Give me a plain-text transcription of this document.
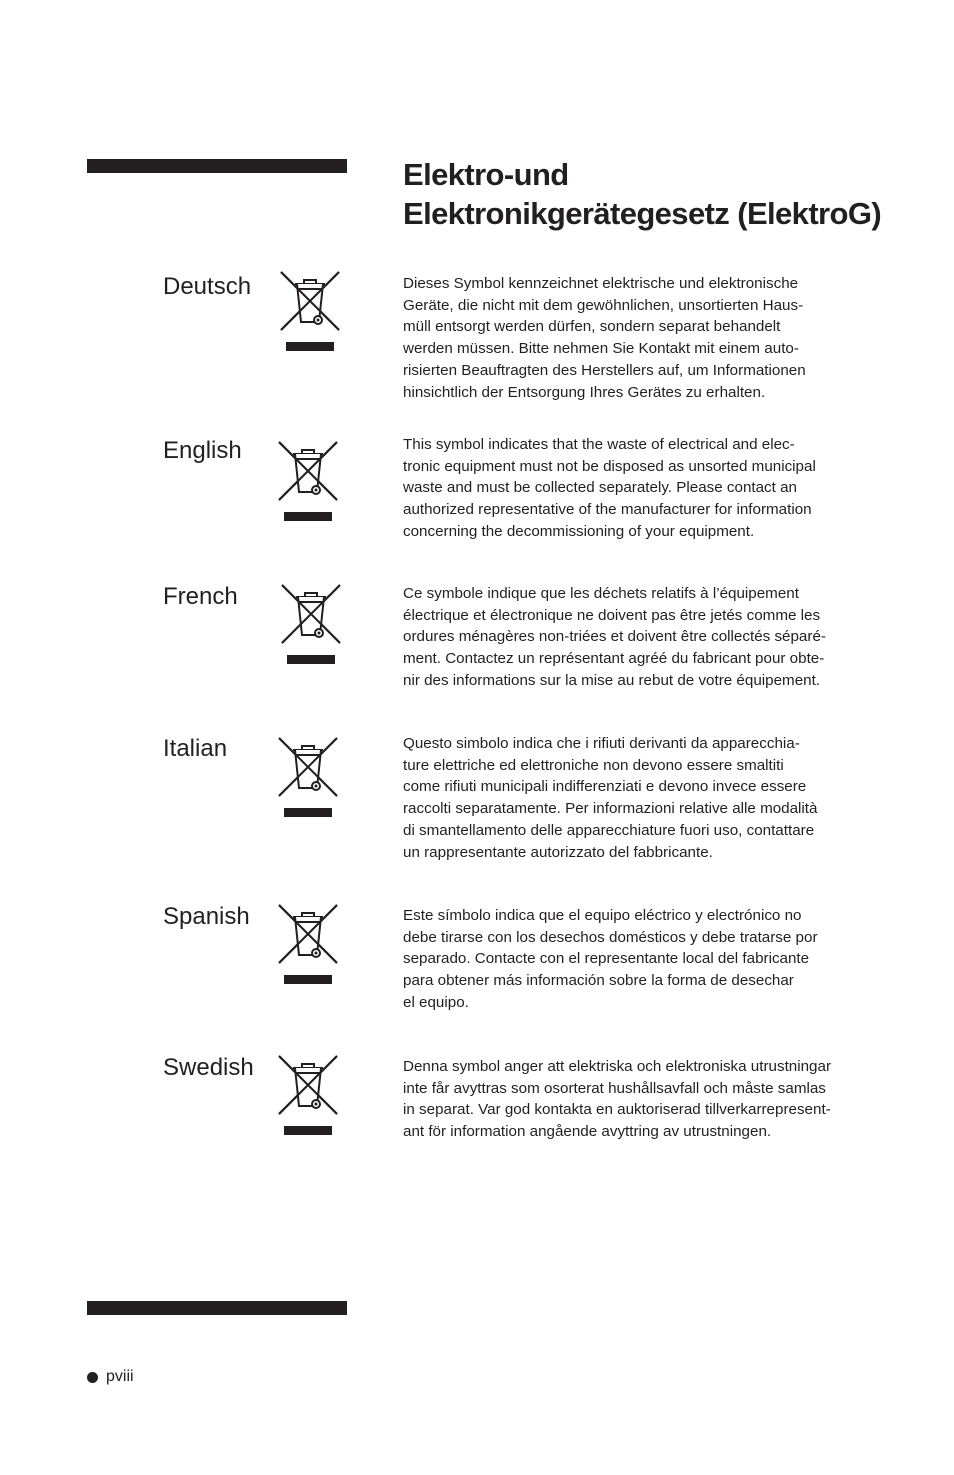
Elektro-und
Elektronikgerätegesetz (ElektroG)
Deutsch	Dieses Symbol kennzeichnet elektrische und elektronische
Geräte, die nicht mit dem gewöhnlichen, unsortierten Haus-
müll entsorgt werden dürfen, sondern separat behandelt
werden müssen. Bitte nehmen Sie Kontakt mit einem auto-
risierten Beauftragten des Herstellers auf, um Informationen
hinsichtlich der Entsorgung Ihres Gerätes zu erhalten.

English	This symbol indicates that the waste of electrical and elec-
tronic equipment must not be disposed as unsorted municipal
waste and must be collected separately. Please contact an
authorized representative of the manufacturer for information
concerning the decommissioning of your equipment.

French	Ce symbole indique que les déchets relatifs à l’équipement
électrique et électronique ne doivent pas être jetés comme les
ordures ménagères non-triées et doivent être collectés séparé-
ment. Contactez un représentant agréé du fabricant pour obte-
nir des informations sur la mise au rebut de votre équipement.

Italian	Questo simbolo indica che i rifiuti derivanti da apparecchia-
ture elettriche ed elettroniche non devono essere smaltiti
come rifiuti municipali indifferenziati e devono invece essere
raccolti separatamente. Per informazioni relative alle modalità
di smantellamento delle apparecchiature fuori uso, contattare
un rappresentante autorizzato del fabbricante.

Spanish	Este símbolo indica que el equipo eléctrico y electrónico no
debe tirarse con los desechos domésticos y debe tratarse por
separado. Contacte con el representante local del fabricante
para obtener más información sobre la forma de desechar
el equipo.

Swedish	Denna symbol anger att elektriska och elektroniska utrustningar
inte får avyttras som osorterat hushållsavfall och måste samlas
in separat. Var god kontakta en auktoriserad tillverkarrepresent-
ant för information angående avyttring av utrustningen.

pviii
